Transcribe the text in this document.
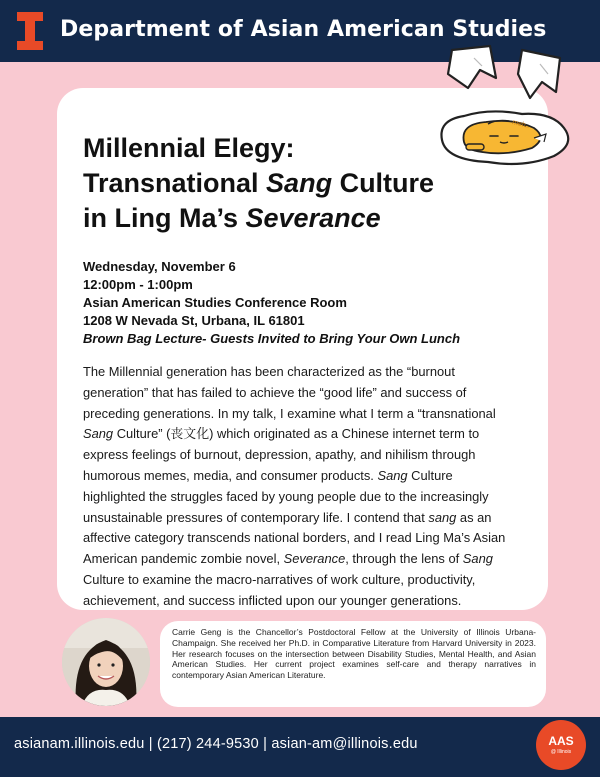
Department of Asian American Studies
meh..
Millennial Elegy:
Transnational Sang Culture
in Ling Ma’s Severance
Wednesday, November 6
12:00pm - 1:00pm
Asian American Studies Conference Room
1208 W Nevada St, Urbana, IL 61801
Brown Bag Lecture- Guests Invited to Bring Your Own Lunch
The Millennial generation has been characterized as the “burnout
generation” that has failed to achieve the “good life” and success of
preceding generations. In my talk, I examine what I term a “transnational
Sang Culture” (丧文化) which originated as a Chinese internet term to
express feelings of burnout, depression, apathy, and nihilism through
humorous memes, media, and consumer products. Sang Culture
highlighted the struggles faced by young people due to the increasingly
unsustainable pressures of contemporary life. I contend that sang as an
affective category transcends national borders, and I read Ling Ma’s Asian
American pandemic zombie novel, Severance, through the lens of Sang
Culture to examine the macro-narratives of work culture, productivity,
achievement, and success inflicted upon our younger generations.
Carrie Geng is the Chancellor’s Postdoctoral Fellow at the University of Illinois Urbana-Champaign. She received her Ph.D. in Comparative Literature from Harvard University in 2023. Her research focuses on the intersection between Disability Studies, Mental Health, and Asian American Studies. Her current project examines self-care and therapy narratives in contemporary Asian American Literature.
asianam.illinois.edu | (217) 244-9530 | asian-am@illinois.edu	AAS
@ Illinois
